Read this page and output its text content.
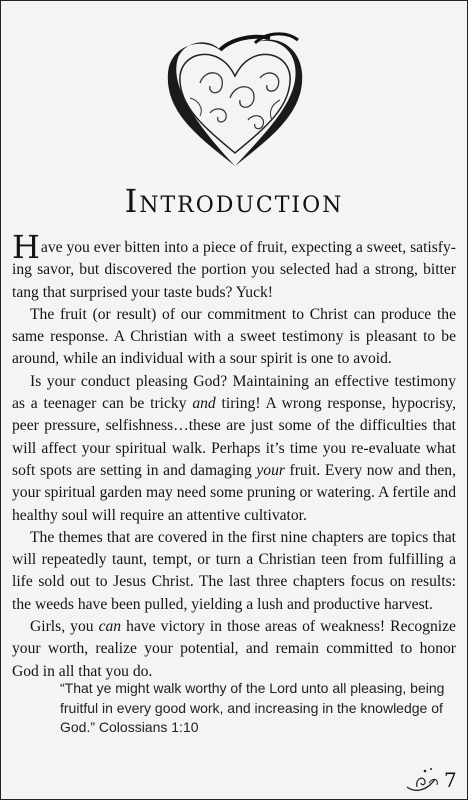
Introduction

Have you ever bitten into a piece of fruit, expecting a sweet, satisfying savor, but discovered the portion you selected had a strong, bitter tang that surprised your taste buds? Yuck!

The fruit (or result) of our commitment to Christ can produce the same response. A Christian with a sweet testimony is pleasant to be around, while an individual with a sour spirit is one to avoid.

Is your conduct pleasing God? Maintaining an effective testimony as a teenager can be tricky and tiring! A wrong response, hypocrisy, peer pressure, selfishness…these are just some of the difficulties that will affect your spiritual walk. Perhaps it’s time you re-evaluate what soft spots are setting in and damaging your fruit. Every now and then, your spiritual garden may need some pruning or watering. A fertile and healthy soul will require an attentive cultivator.

The themes that are covered in the first nine chapters are topics that will repeatedly taunt, tempt, or turn a Christian teen from fulfilling a life sold out to Jesus Christ. The last three chapters focus on results: the weeds have been pulled, yielding a lush and productive harvest.

Girls, you can have victory in those areas of weakness! Recognize your worth, realize your potential, and remain committed to honor God in all that you do.

“That ye might walk worthy of the Lord unto all pleasing, being fruitful in every good work, and increasing in the knowledge of God.” Colossians 1:10
7
